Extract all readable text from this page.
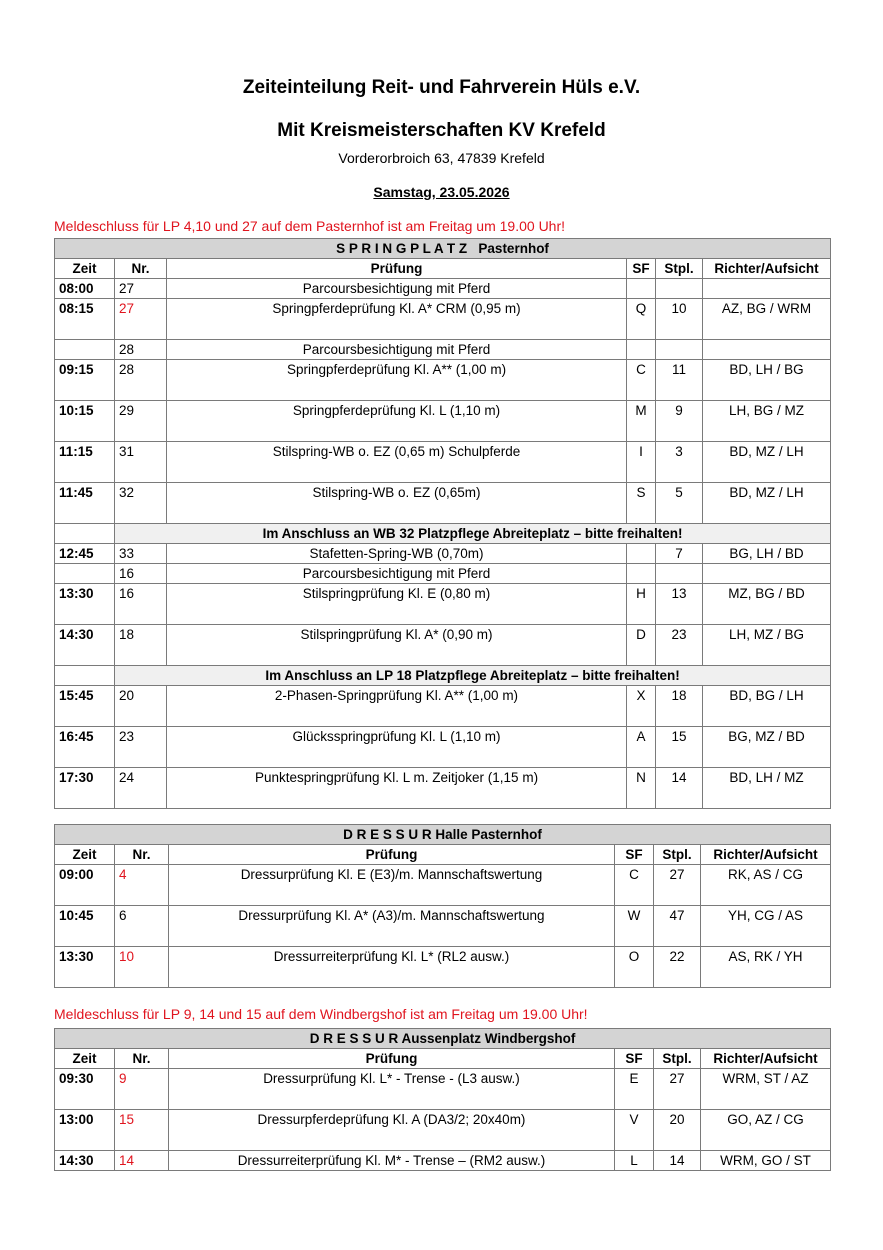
Zeiteinteilung Reit- und Fahrverein Hüls e.V.
Mit Kreismeisterschaften KV Krefeld
Vorderorbroich 63, 47839 Krefeld
Samstag, 23.05.2026
Meldeschluss für LP 4,10 und 27 auf dem Pasternhof ist am Freitag um 19.00 Uhr!
S P R I N G P L A T Z   Pasternhof					
Zeit	Nr.	Prüfung	SF	Stpl.	Richter/Aufsicht
08:00	27	Parcoursbesichtigung mit Pferd			
08:15	27	Springpferdeprüfung Kl. A* CRM (0,95 m)	Q	10	AZ, BG / WRM
	28	Parcoursbesichtigung mit Pferd			
09:15	28	Springpferdeprüfung Kl. A** (1,00 m)	C	11	BD, LH / BG
10:15	29	Springpferdeprüfung Kl. L (1,10 m)	M	9	LH, BG / MZ
11:15	31	Stilspring-WB o. EZ (0,65 m) Schulpferde	I	3	BD, MZ / LH
11:45	32	Stilspring-WB o. EZ (0,65m)	S	5	BD, MZ / LH
	Im Anschluss an WB 32 Platzpflege Abreiteplatz – bitte freihalten!				
12:45	33	Stafetten-Spring-WB (0,70m)		7	BG, LH / BD
	16	Parcoursbesichtigung mit Pferd			
13:30	16	Stilspringprüfung Kl. E (0,80 m)	H	13	MZ, BG / BD
14:30	18	Stilspringprüfung Kl. A* (0,90 m)	D	23	LH, MZ / BG
	Im Anschluss an LP 18 Platzpflege Abreiteplatz – bitte freihalten!				
15:45	20	2-Phasen-Springprüfung Kl. A** (1,00 m)	X	18	BD, BG / LH
16:45	23	Glücksspringprüfung Kl. L (1,10 m)	A	15	BG, MZ / BD
17:30	24	Punktespringprüfung Kl. L m. Zeitjoker (1,15 m)	N	14	BD, LH / MZ
D R E S S U R Halle Pasternhof					
Zeit	Nr.	Prüfung	SF	Stpl.	Richter/Aufsicht
09:00	4	Dressurprüfung Kl. E (E3)/m. Mannschaftswertung	C	27	RK, AS / CG
10:45	6	Dressurprüfung Kl. A* (A3)/m. Mannschaftswertung	W	47	YH, CG / AS
13:30	10	Dressurreiterprüfung Kl. L* (RL2 ausw.)	O	22	AS, RK / YH
Meldeschluss für LP 9, 14 und 15 auf dem Windbergshof ist am Freitag um 19.00 Uhr!
D R E S S U R Aussenplatz Windbergshof					
Zeit	Nr.	Prüfung	SF	Stpl.	Richter/Aufsicht
09:30	9	Dressurprüfung Kl. L* - Trense - (L3 ausw.)	E	27	WRM, ST / AZ
13:00	15	Dressurpferdeprüfung Kl. A (DA3/2; 20x40m)	V	20	GO, AZ / CG
14:30	14	Dressurreiterprüfung Kl. M* - Trense – (RM2 ausw.)	L	14	WRM, GO / ST
